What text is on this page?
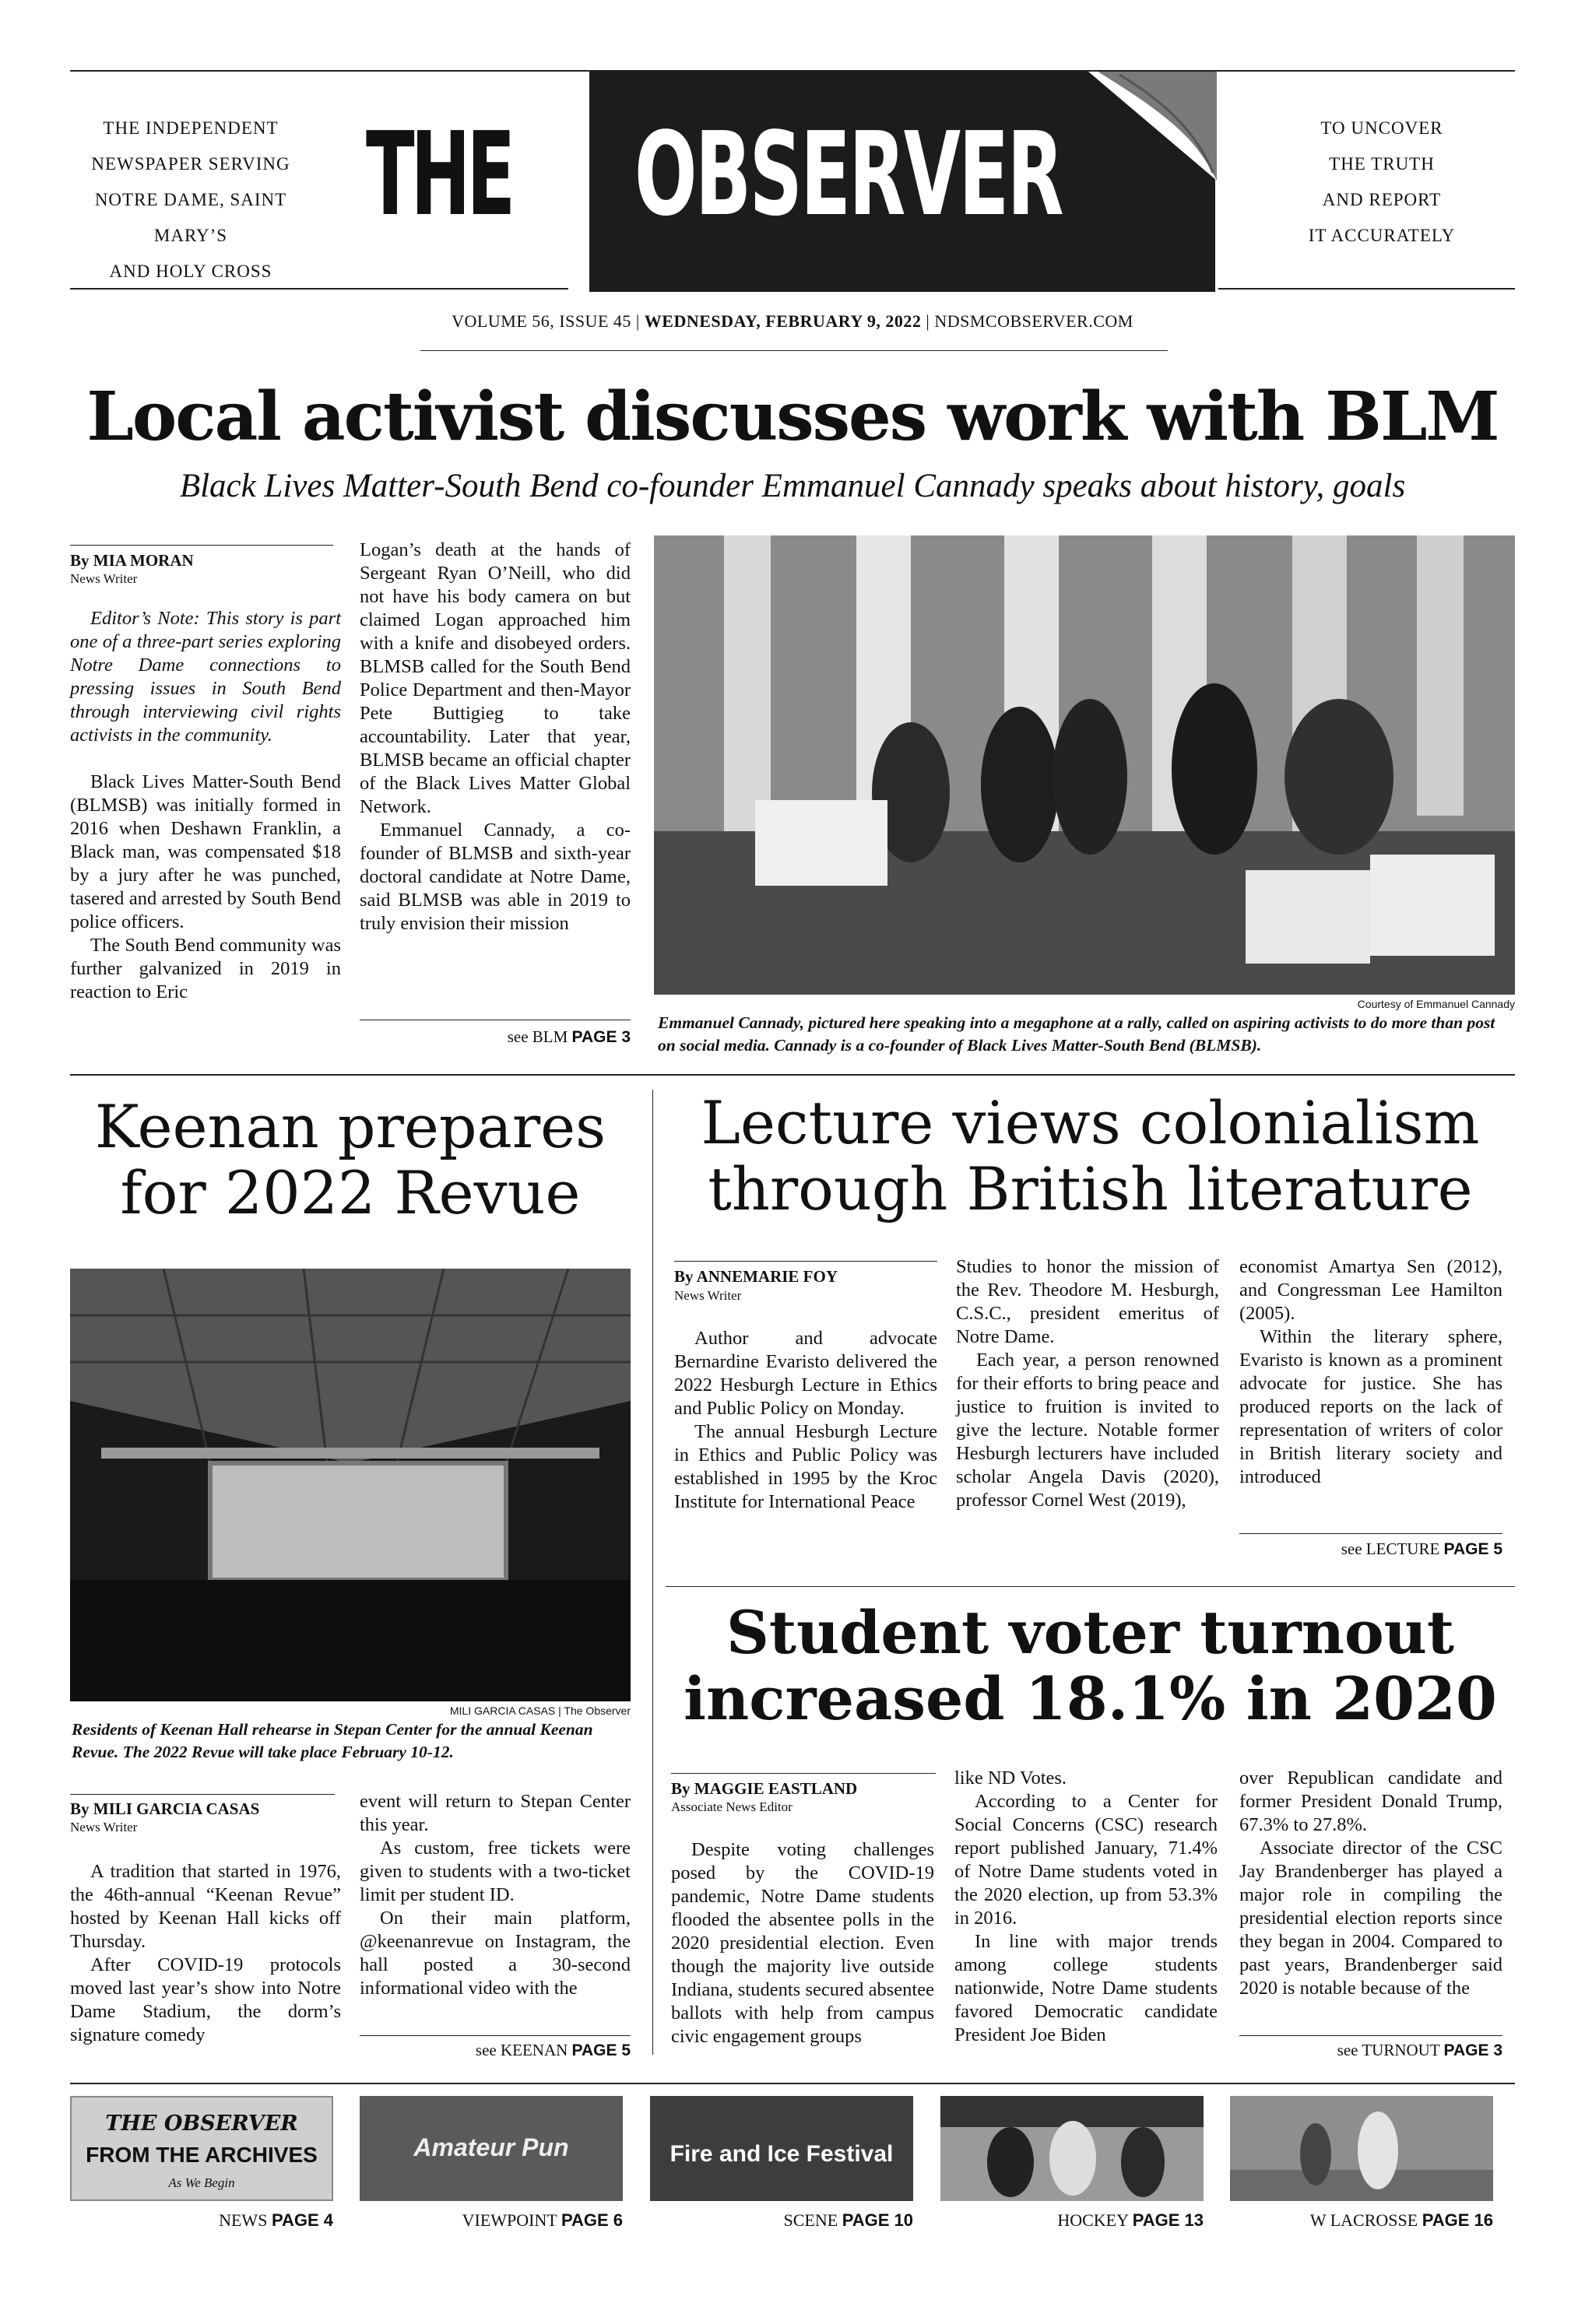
THE INDEPENDENT
NEWSPAPER SERVING
NOTRE DAME, SAINT MARY’S
AND HOLY CROSS
TO UNCOVER
THE TRUTH
AND REPORT
IT ACCURATELY
THE OBSERVER
VOLUME 56, ISSUE 45 | WEDNESDAY, FEBRUARY 9, 2022 | NDSMCOBSERVER.COM
Local activist discusses work with BLM
Black Lives Matter-South Bend co-founder Emmanuel Cannady speaks about history, goals
By MIA MORAN
News Writer

Editor’s Note: This story is part one of a three-part series exploring Notre Dame connections to pressing issues in South Bend through interviewing civil rights activists in the community.

Black Lives Matter-South Bend (BLMSB) was initially formed in 2016 when Deshawn Franklin, a Black man, was compensated $18 by a jury after he was punched, tasered and arrested by South Bend police officers.

The South Bend community was further galvanized in 2019 in reaction to Eric

Logan’s death at the hands of Sergeant Ryan O’Neill, who did not have his body camera on but claimed Logan approached him with a knife and disobeyed orders. BLMSB called for the South Bend Police Department and then-Mayor Pete Buttigieg to take accountability. Later that year, BLMSB became an official chapter of the Black Lives Matter Global Network.

Emmanuel Cannady, a co-founder of BLMSB and sixth-year doctoral candidate at Notre Dame, said BLMSB was able in 2019 to truly envision their mission

see BLM PAGE 3
Courtesy of Emmanuel Cannady
Emmanuel Cannady, pictured here speaking into a megaphone at a rally, called on aspiring activists to do more than post on social media. Cannady is a co-founder of Black Lives Matter-South Bend (BLMSB).
Keenan prepares
for 2022 Revue
MILI GARCIA CASAS | The Observer
Residents of Keenan Hall rehearse in Stepan Center for the annual Keenan Revue. The 2022 Revue will take place February 10-12.
By MILI GARCIA CASAS
News Writer

A tradition that started in 1976, the 46th-annual “Keenan Revue” hosted by Keenan Hall kicks off Thursday.

After COVID-19 protocols moved last year’s show into Notre Dame Stadium, the dorm’s signature comedy

event will return to Stepan Center this year.

As custom, free tickets were given to students with a two-ticket limit per student ID.

On their main platform, @keenanrevue on Instagram, the hall posted a 30-second informational video with the

see KEENAN PAGE 5
Lecture views colonialism
through British literature
By ANNEMARIE FOY
News Writer

Author and advocate Bernardine Evaristo delivered the 2022 Hesburgh Lecture in Ethics and Public Policy on Monday.

The annual Hesburgh Lecture in Ethics and Public Policy was established in 1995 by the Kroc Institute for International Peace

Studies to honor the mission of the Rev. Theodore M. Hesburgh, C.S.C., president emeritus of Notre Dame.

Each year, a person renowned for their efforts to bring peace and justice to fruition is invited to give the lecture. Notable former Hesburgh lecturers have included scholar Angela Davis (2020), professor Cornel West (2019),

economist Amartya Sen (2012), and Congressman Lee Hamilton (2005).

Within the literary sphere, Evaristo is known as a prominent advocate for justice. She has produced reports on the lack of representation of writers of color in British literary society and introduced

see LECTURE PAGE 5
Student voter turnout
increased 18.1% in 2020
By MAGGIE EASTLAND
Associate News Editor

Despite voting challenges posed by the COVID-19 pandemic, Notre Dame students flooded the absentee polls in the 2020 presidential election. Even though the majority live outside Indiana, students secured absentee ballots with help from campus civic engagement groups

like ND Votes.

According to a Center for Social Concerns (CSC) research report published January, 71.4% of Notre Dame students voted in the 2020 election, up from 53.3% in 2016.

In line with major trends among college students nationwide, Notre Dame students favored Democratic candidate President Joe Biden

over Republican candidate and former President Donald Trump, 67.3% to 27.8%.

Associate director of the CSC Jay Brandenberger has played a major role in compiling the presidential election reports since they began in 2004. Compared to past years, Brandenberger said 2020 is notable because of the

see TURNOUT PAGE 3
THE OBSERVER
FROM THE ARCHIVES
As We Begin
Amateur Pun	Fire and Ice Festival
NEWS PAGE 4	VIEWPOINT PAGE 6	SCENE PAGE 10	HOCKEY PAGE 13	W LACROSSE PAGE 16
